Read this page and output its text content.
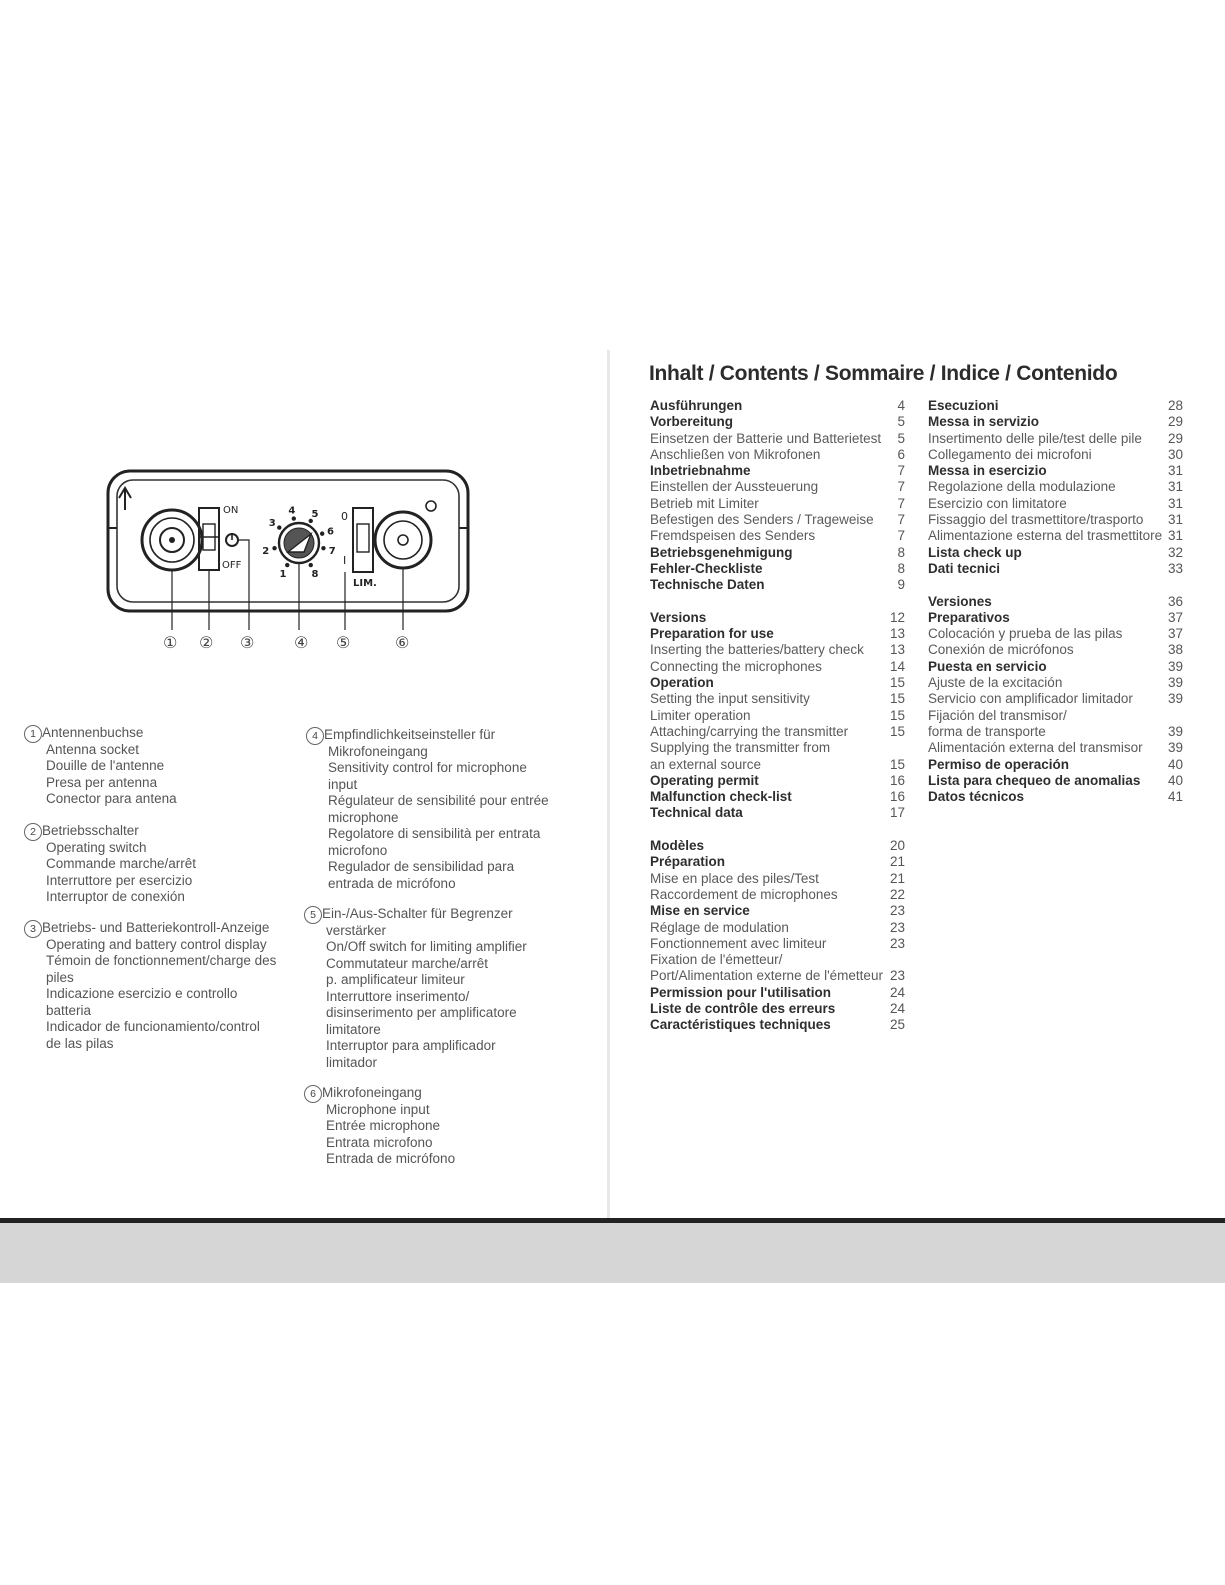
ON
OFF
1
2
3
4 5
6
7
8
0
I
LIM.
① ② ③ ④ ⑤	⑥
1 Antennenbuchse
Antenna socket
Douille de l'antenne
Presa per antenna
Conector para antena
2 Betriebsschalter
Operating switch
Commande marche/arrêt
Interruttore per esercizio
Interruptor de conexión
3 Betriebs- und Batteriekontroll-Anzeige
Operating and battery control display
Témoin de fonctionnement/charge des
piles
Indicazione esercizio e controllo
batteria
Indicador de funcionamiento/control
de las pilas
4 Empfindlichkeitseinsteller für
Mikrofoneingang
Sensitivity control for microphone
input
Régulateur de sensibilité pour entrée
microphone
Regolatore di sensibilità per entrata
microfono
Regulador de sensibilidad para
entrada de micrófono
5 Ein-/Aus-Schalter für Begrenzer
verstärker
On/Off switch for limiting amplifier
Commutateur marche/arrêt
p. amplificateur limiteur
Interruttore inserimento/
disinserimento per amplificatore
limitatore
Interruptor para amplificador
limitador
6 Mikrofoneingang
Microphone input
Entrée microphone
Entrata microfono
Entrada de micrófono
Inhalt / Contents / Sommaire / Indice / Contenido
Ausführungen	4
Vorbereitung	5
Einsetzen der Batterie und Batterietest 5
Anschließen von Mikrofonen	6
Inbetriebnahme	7
Einstellen der Aussteuerung	7
Betrieb mit Limiter	7
Befestigen des Senders / Trageweise 7
Fremdspeisen des Senders	7
Betriebsgenehmigung	8
Fehler-Checkliste	8
Technische Daten	9
Versions	12
Preparation for use	13
Inserting the batteries/battery check 13
Connecting the microphones	14
Operation	15
Setting the input sensitivity	15
Limiter operation	15
Attaching/carrying the transmitter	15
Supplying the transmitter from
an external source	15
Operating permit	16
Malfunction check-list	16
Technical data	17
Modèles	20
Préparation	21
Mise en place des piles/Test	21
Raccordement de microphones	22
Mise en service	23
Réglage de modulation	23
Fonctionnement avec limiteur	23
Fixation de l'émetteur/
Port/Alimentation externe de l'émetteur 23
Permission pour l'utilisation	24
Liste de contrôle des erreurs	24
Caractéristiques techniques	25
Esecuzioni	28
Messa in servizio	29
Insertimento delle pile/test delle pile 29
Collegamento dei microfoni	30
Messa in esercizio	31
Regolazione della modulazione	31
Esercizio con limitatore	31
Fissaggio del trasmettitore/trasporto 31
Alimentazione esterna del trasmettitore 31
Lista check up	32
Dati tecnici	33
Versiones	36
Preparativos	37
Colocación y prueba de las pilas	37
Conexión de micrófonos	38
Puesta en servicio	39
Ajuste de la excitación	39
Servicio con amplificador limitador	39
Fijación del transmisor/
forma de transporte	39
Alimentación externa del transmisor 39
Permiso de operación	40
Lista para chequeo de anomalias 40
Datos técnicos	41
